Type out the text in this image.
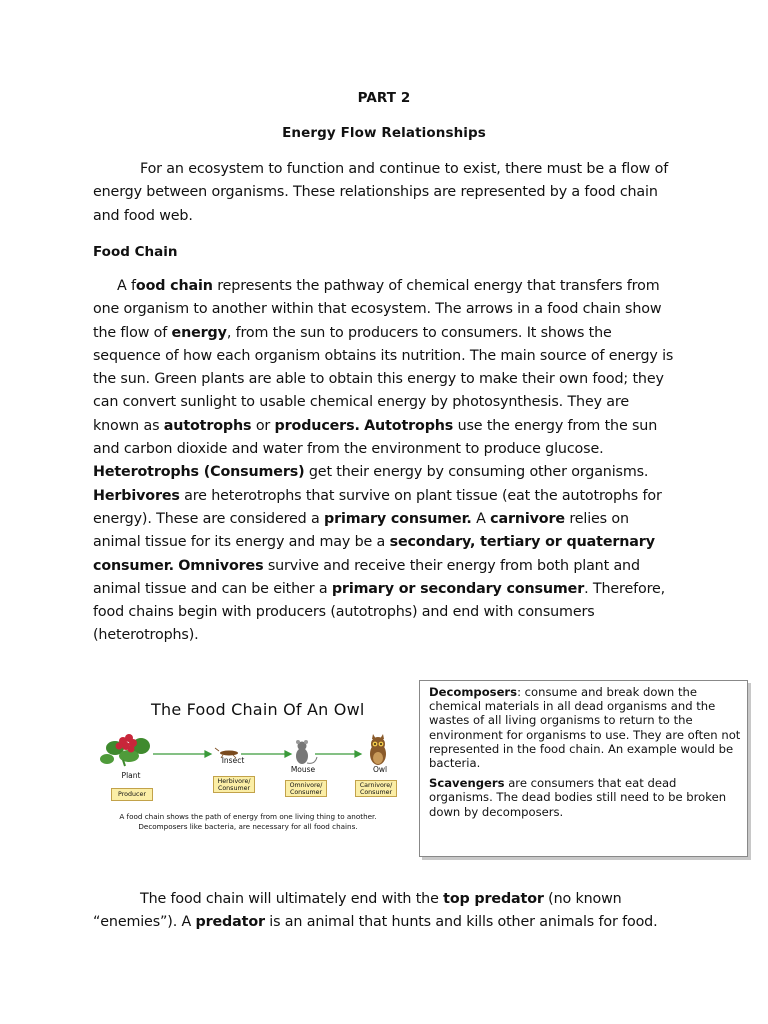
PART 2
Energy Flow Relationships
For an ecosystem to function and continue to exist, there must be a flow of energy between organisms. These relationships are represented by a food chain and food web.
Food Chain
A food chain represents the pathway of chemical energy that transfers from one organism to another within that ecosystem. The arrows in a food chain show the flow of energy, from the sun to producers to consumers. It shows the sequence of how each organism obtains its nutrition. The main source of energy is the sun. Green plants are able to obtain this energy to make their own food; they can convert sunlight to usable chemical energy by photosynthesis. They are known as autotrophs or producers. Autotrophs use the energy from the sun and carbon dioxide and water from the environment to produce glucose. Heterotrophs (Consumers) get their energy by consuming other organisms. Herbivores are heterotrophs that survive on plant tissue (eat the autotrophs for energy). These are considered a primary consumer. A carnivore relies on animal tissue for its energy and may be a secondary, tertiary or quaternary consumer. Omnivores survive and receive their energy from both plant and animal tissue and can be either a primary or secondary consumer. Therefore, food chains begin with producers (autotrophs) and end with consumers (heterotrophs).
The Food Chain Of An Owl
Plant
Insect
Mouse	Owl
Producer
Herbivore/ Consumer	Omnivore/ Consumer
Carnivore/ Consumer
A food chain shows the path of energy from one living thing to another.
Decomposers like bacteria, are necessary for all food chains.

Decomposers: consume and break down the chemical materials in all dead organisms and the wastes of all living organisms to return to the environment for organisms to use. They are often not represented in the food chain. An example would be bacteria.

Scavengers are consumers that eat dead organisms. The dead bodies still need to be broken down by decomposers.

The food chain will ultimately end with the top predator (no known “enemies”). A predator is an animal that hunts and kills other animals for food.
